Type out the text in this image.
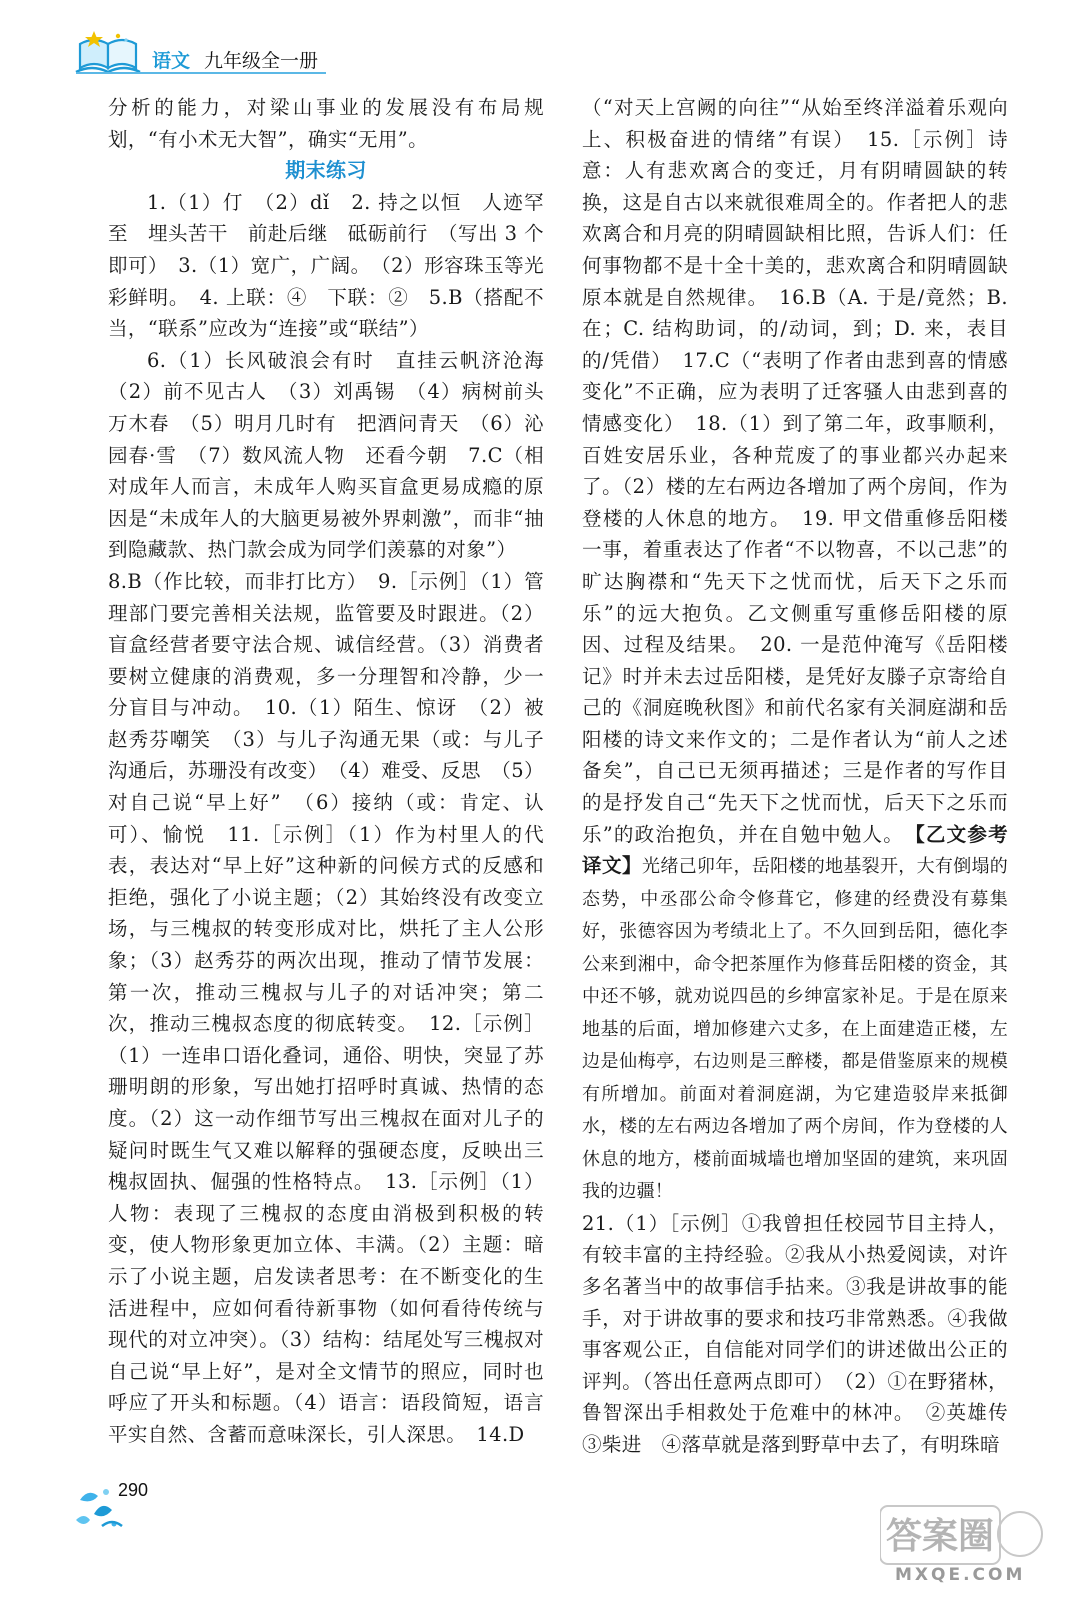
语文 九年级全一册

分析的能力，对梁山事业的发展没有布局规划，“有小术无大智”，确实“无用”。

期末练习

1.（1）仃　（2）dǐ　2. 持之以恒　人迹罕至　埋头苦干　前赴后继　砥砺前行　（写出 3 个即可）　3.（1）宽广，广阔。　（2）形容珠玉等光彩鲜明。　4. 上联：④　下联：②　5.B（搭配不当，“联系”应改为“连接”或“联结”）

6.（1）长风破浪会有时　直挂云帆济沧海　（2）前不见古人　（3）刘禹锡　（4）病树前头万木春　（5）明月几时有　把酒问青天　（6）沁园春·雪　（7）数风流人物　还看今朝　7.C（相对成年人而言，未成年人购买盲盒更易成瘾的原因是“未成年人的大脑更易被外界刺激”，而非“抽到隐藏款、热门款会成为同学们羡慕的对象”）

8.B（作比较，而非打比方）　9.［示例］（1）管理部门要完善相关法规，监管要及时跟进。（2）盲盒经营者要守法合规、诚信经营。（3）消费者要树立健康的消费观，多一分理智和冷静，少一分盲目与冲动。　10.（1）陌生、惊讶　（2）被赵秀芬嘲笑　（3）与儿子沟通无果（或：与儿子沟通后，苏珊没有改变）　（4）难受、反思　（5）对自己说“早上好”　（6）接纳（或：肯定、认可）、愉悦　11.［示例］（1）作为村里人的代表，表达对“早上好”这种新的问候方式的反感和拒绝，强化了小说主题；（2）其始终没有改变立场，与三槐叔的转变形成对比，烘托了主人公形象；（3）赵秀芬的两次出现，推动了情节发展：第一次，推动三槐叔与儿子的对话冲突；第二次，推动三槐叔态度的彻底转变。　12.［示例］（1）一连串口语化叠词，通俗、明快，突显了苏珊明朗的形象，写出她打招呼时真诚、热情的态度。（2）这一动作细节写出三槐叔在面对儿子的疑问时既生气又难以解释的强硬态度，反映出三槐叔固执、倔强的性格特点。　13.［示例］（1）人物：表现了三槐叔的态度由消极到积极的转变，使人物形象更加立体、丰满。（2）主题：暗示了小说主题，启发读者思考：在不断变化的生活进程中，应如何看待新事物（如何看待传统与现代的对立冲突）。（3）结构：结尾处写三槐叔对自己说“早上好”，是对全文情节的照应，同时也呼应了开头和标题。（4）语言：语段简短，语言平实自然、含蓄而意味深长，引人深思。　14.D

（“对天上宫阙的向往”“从始至终洋溢着乐观向上、积极奋进的情绪”有误）　15.［示例］诗意：人有悲欢离合的变迁，月有阴晴圆缺的转换，这是自古以来就很难周全的。作者把人的悲欢离合和月亮的阴晴圆缺相比照，告诉人们：任何事物都不是十全十美的，悲欢离合和阴晴圆缺原本就是自然规律。　16.B（A. 于是/竟然；B. 在；C. 结构助词，的/动词，到；D. 来，表目的/凭借）　17.C（“表明了作者由悲到喜的情感变化”不正确，应为表明了迁客骚人由悲到喜的情感变化）　18.（1）到了第二年，政事顺利，百姓安居乐业，各种荒废了的事业都兴办起来了。（2）楼的左右两边各增加了两个房间，作为登楼的人休息的地方。　19. 甲文借重修岳阳楼一事，着重表达了作者“不以物喜，不以己悲”的旷达胸襟和“先天下之忧而忧，后天下之乐而乐”的远大抱负。乙文侧重写重修岳阳楼的原因、过程及结果。　20. 一是范仲淹写《岳阳楼记》时并未去过岳阳楼，是凭好友滕子京寄给自己的《洞庭晚秋图》和前代名家有关洞庭湖和岳阳楼的诗文来作文的；二是作者认为“前人之述备矣”，自己已无须再描述；三是作者的写作目的是抒发自己“先天下之忧而忧，后天下之乐而乐”的政治抱负，并在自勉中勉人。　【乙文参考译文】光绪己卯年，岳阳楼的地基裂开，大有倒塌的态势，中丞邵公命令修葺它，修建的经费没有募集好，张德容因为考绩北上了。不久回到岳阳，德化李公来到湘中，命令把茶厘作为修葺岳阳楼的资金，其中还不够，就劝说四邑的乡绅富家补足。于是在原来地基的后面，增加修建六丈多，在上面建造正楼，左边是仙梅亭，右边则是三醉楼，都是借鉴原来的规模有所增加。前面对着洞庭湖，为它建造驳岸来抵御水，楼的左右两边各增加了两个房间，作为登楼的人休息的地方，楼前面城墙也增加坚固的建筑，来巩固我的边疆！

21.（1）［示例］①我曾担任校园节目主持人，有较丰富的主持经验。②我从小热爱阅读，对许多名著当中的故事信手拈来。③我是讲故事的能手，对于讲故事的要求和技巧非常熟悉。④我做事客观公正，自信能对同学们的讲述做出公正的评判。（答出任意两点即可）　（2）①在野猪林，鲁智深出手相救处于危难中的林冲。　②英雄传　③柴进　④落草就是落到野草中去了，有明珠暗

290
答案圈
MXQE.COM
